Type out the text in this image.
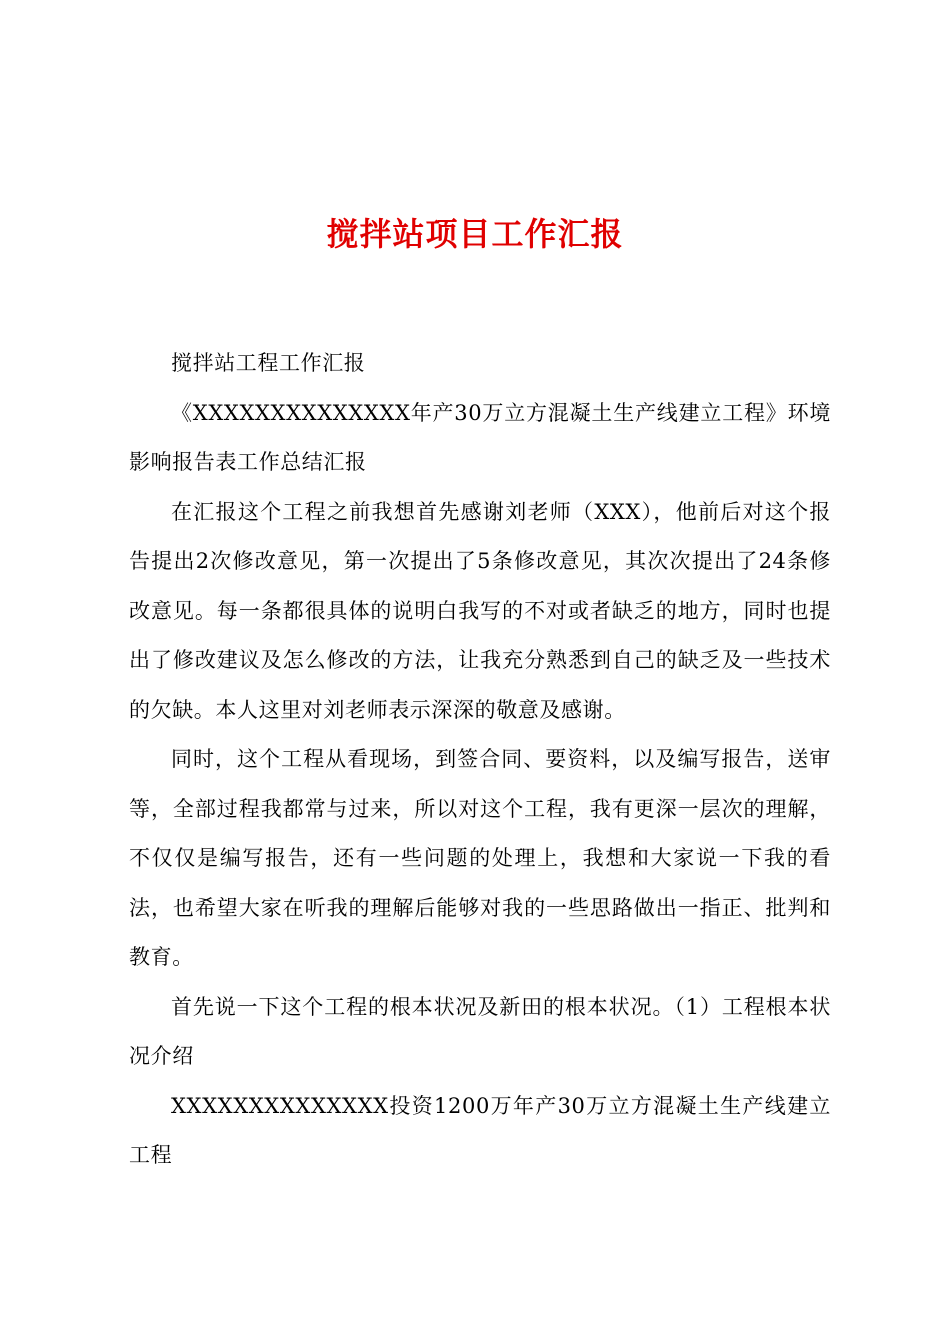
搅拌站项目工作汇报

搅拌站工程工作汇报

《XXXXXXXXXXXXXX年产30万立方混凝土生产线建立工程》环境影响报告表工作总结汇报

在汇报这个工程之前我想首先感谢刘老师（XXX），他前后对这个报告提出2次修改意见，第一次提出了5条修改意见，其次次提出了24条修改意见。每一条都很具体的说明白我写的不对或者缺乏的地方，同时也提出了修改建议及怎么修改的方法，让我充分熟悉到自己的缺乏及一些技术的欠缺。本人这里对刘老师表示深深的敬意及感谢。

同时，这个工程从看现场，到签合同、要资料，以及编写报告，送审等，全部过程我都常与过来，所以对这个工程，我有更深一层次的理解，不仅仅是编写报告，还有一些问题的处理上，我想和大家说一下我的看法，也希望大家在听我的理解后能够对我的一些思路做出一指正、批判和教育。

首先说一下这个工程的根本状况及新田的根本状况。（1）工程根本状况介绍

XXXXXXXXXXXXXX投资1200万年产30万立方混凝土生产线建立工程
